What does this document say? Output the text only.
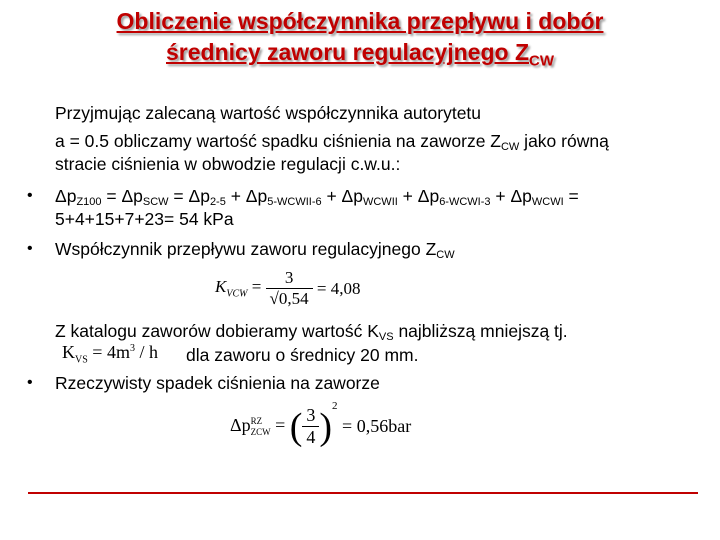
Obliczenie współczynnika przepływu i dobór
średnicy zaworu regulacyjnego $Z_{CW}$
Przyjmując zalecaną wartość współczynnika autorytetu
a = 0.5 obliczamy wartość spadku ciśnienia na zaworze $Z_{CW}$ jako równą
stracie ciśnienia w obwodzie regulacji c.w.u.:
• $\Delta p_{Z100} = \Delta p_{SCW} = \Delta p_{2-5} + \Delta p_{5-WCWII-6} + \Delta p_{WCWII} + \Delta p_{6-WCWI-3} + \Delta p_{WCWI}$ =
5+4+15+7+23= 54 kPa
• Współczynnik przepływu zaworu regulacyjnego $Z_{CW}$
$K_{VCW} = \frac{3}{√0,54} = 4,08$
Z katalogu zaworów dobieramy wartość $K_{VS}$ najbliższą mniejszą tj.
$K_{VS} = 4m^3 / h$ dla zaworu o średnicy 20 mm.
• Rzeczywisty spadek ciśnienia na zaworze
ΔpRZ
ZCW = ( $\frac{3}{4} )^2 = 0,56bar$
